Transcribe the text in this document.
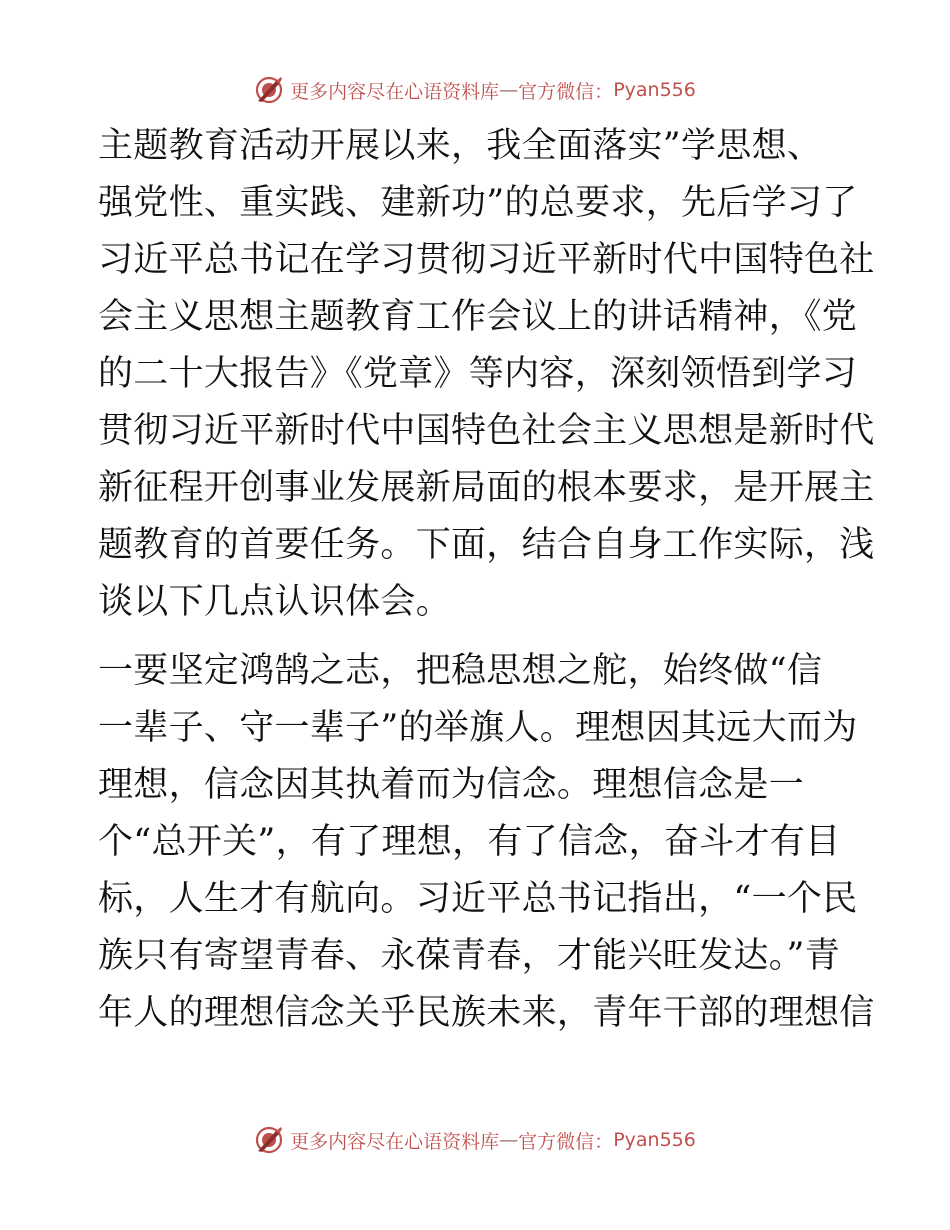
更多内容尽在心语资料库 — 官方微信： Pyan556

主题教育活动开展以来，我全面落实”学思想、
强党性、重实践、建新功”的总要求，先后学习了
习近平总书记在学习贯彻习近平新时代中国特色社
会主义思想主题教育工作会议上的讲话精神，《党
的二十大报告》《党章》等内容，深刻领悟到学习
贯彻习近平新时代中国特色社会主义思想是新时代
新征程开创事业发展新局面的根本要求，是开展主
题教育的首要任务。下面，结合自身工作实际，浅
谈以下几点认识体会。

一要坚定鸿鹄之志，把稳思想之舵，始终做“信
一辈子、守一辈子”的举旗人。理想因其远大而为
理想，信念因其执着而为信念。理想信念是一
个“总开关”，有了理想，有了信念，奋斗才有目
标，人生才有航向。习近平总书记指出，“一个民
族只有寄望青春、永葆青春，才能兴旺发达。”青
年人的理想信念关乎民族未来，青年干部的理想信

更多内容尽在心语资料库 — 官方微信： Pyan556
